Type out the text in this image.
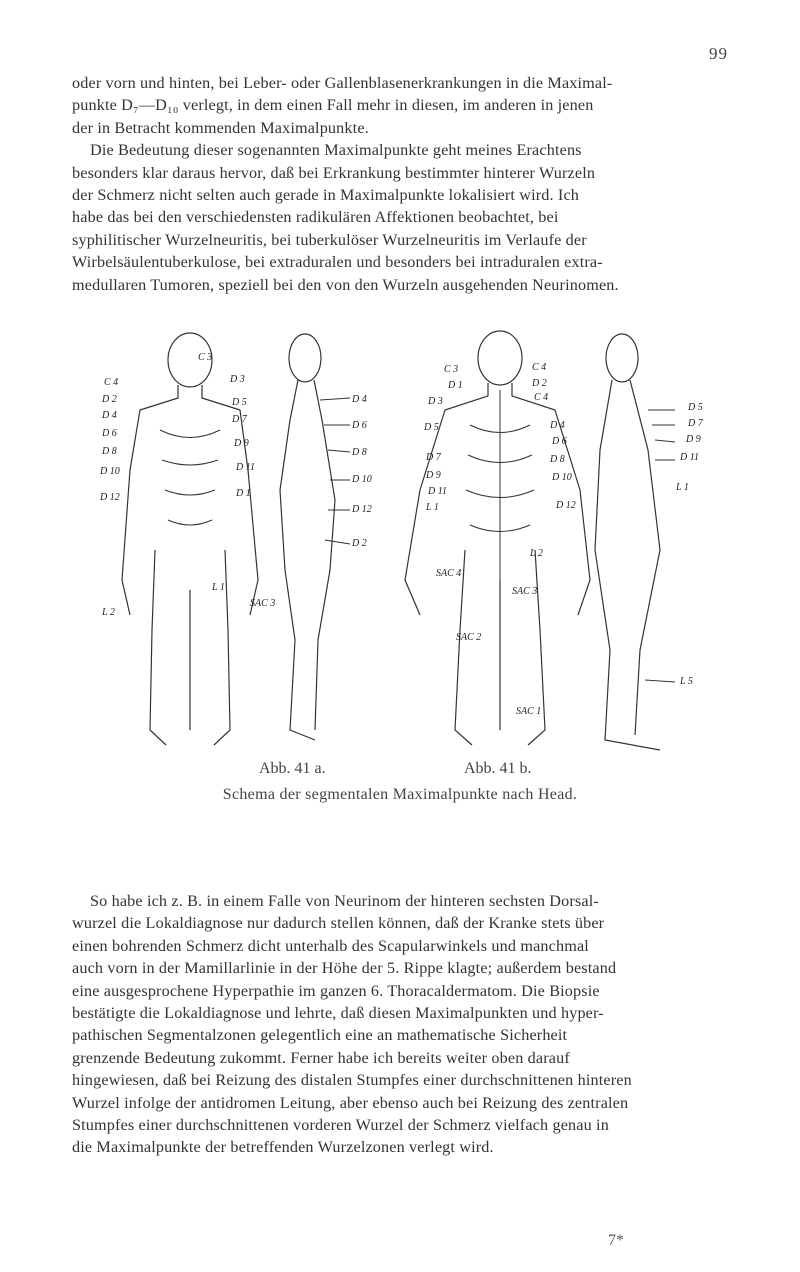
99

oder vorn und hinten, bei Leber- oder Gallenblasenerkrankungen in die Maximal-
punkte D₇—D₁₀ verlegt, in dem einen Fall mehr in diesen, im anderen in jenen
der in Betracht kommenden Maximalpunkte.

Die Bedeutung dieser sogenannten Maximalpunkte geht meines Erachtens
besonders klar daraus hervor, daß bei Erkrankung bestimmter hinterer Wurzeln
der Schmerz nicht selten auch gerade in Maximalpunkte lokalisiert wird. Ich
habe das bei den verschiedensten radikulären Affektionen beobachtet, bei
syphilitischer Wurzelneuritis, bei tuberkulöser Wurzelneuritis im Verlaufe der
Wirbelsäulentuberkulose, bei extraduralen und besonders bei intraduralen extra-
medullaren Tumoren, speziell bei den von den Wurzeln ausgehenden Neurinomen.

C 3
C 4
D 2
D 4
D 6
D 8
D 10
D 12
L 2
D 3
D 5
D 7
D 9
D 11
D 1
L 1
SAC 3
D 4
D 6
D 8
D 10
D 12
D 2
C 3
D 1
D 3
D 5
D 7
D 9
D 11
L 1
C 4
D 2
C 4
D 4
D 6
D 8
D 10
D 12
L 2
SAC 3
SAC 2
SAC 4
SAC 1
D 5
D 7
D 9
D 11
L 1
L 5
Abb. 41 a.	Abb. 41 b.
Schema der segmentalen Maximalpunkte nach Head.

So habe ich z. B. in einem Falle von Neurinom der hinteren sechsten Dorsal-
wurzel die Lokaldiagnose nur dadurch stellen können, daß der Kranke stets über
einen bohrenden Schmerz dicht unterhalb des Scapularwinkels und manchmal
auch vorn in der Mamillarlinie in der Höhe der 5. Rippe klagte; außerdem bestand
eine ausgesprochene Hyperpathie im ganzen 6. Thoracaldermatom. Die Biopsie
bestätigte die Lokaldiagnose und lehrte, daß diesen Maximalpunkten und hyper-
pathischen Segmentalzonen gelegentlich eine an mathematische Sicherheit
grenzende Bedeutung zukommt. Ferner habe ich bereits weiter oben darauf
hingewiesen, daß bei Reizung des distalen Stumpfes einer durchschnittenen hinteren
Wurzel infolge der antidromen Leitung, aber ebenso auch bei Reizung des zentralen
Stumpfes einer durchschnittenen vorderen Wurzel der Schmerz vielfach genau in
die Maximalpunkte der betreffenden Wurzelzonen verlegt wird.

7*
